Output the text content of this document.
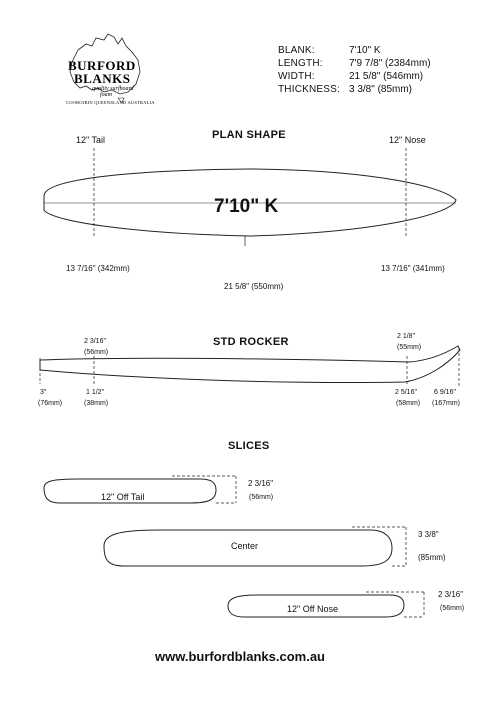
BURFORD
BLANKS
quality surfboard
foam
COOROIBIN QUEENSLAND AUSTRALIA
BLANK:	7'10" K
LENGTH:	7'9 7/8" (2384mm)
WIDTH:	21 5/8" (546mm)
THICKNESS: 3 3/8" (85mm)
PLAN SHAPE
12" Tail	12" Nose
7'10" K
13 7/16" (342mm)	13 7/16" (341mm)
21 5/8" (550mm)
STD ROCKER
2 3/16"
(56mm)
2 1/8"
(55mm)
3"
(76mm)
1 1/2"
(38mm)
2 5/16"
(58mm)
6 9/16"
(167mm)
SLICES
12" Off Tail
2 3/16"
(56mm)
Center
3 3/8"
(85mm)
12" Off Nose
2 3/16"
(56mm)
www.burfordblanks.com.au
